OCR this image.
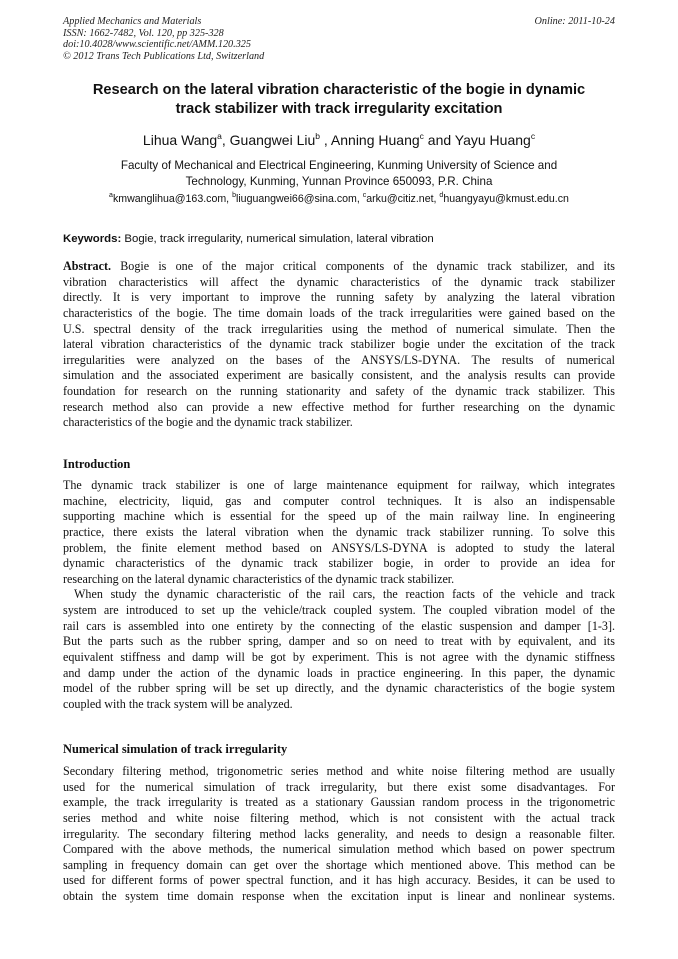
Applied Mechanics and Materials
ISSN: 1662-7482, Vol. 120, pp 325-328
doi:10.4028/www.scientific.net/AMM.120.325
© 2012 Trans Tech Publications Ltd, Switzerland
Online: 2011-10-24
Research on the lateral vibration characteristic of the bogie in dynamic
track stabilizer with track irregularity excitation
Lihua Wang$^a$, Guangwei Liu$^b$ , Anning Huang$^c$ and Yayu Huang$^c$
Faculty of Mechanical and Electrical Engineering, Kunming University of Science and
Technology, Kunming, Yunnan Province 650093, P.R. China
$^a$kmwanglihua@163.com, $^b$liuguangwei66@sina.com, $^c$arku@citiz.net, $^d$huangyayu@kmust.edu.cn
Keywords: Bogie, track irregularity, numerical simulation, lateral vibration
Abstract. Bogie is one of the major critical components of the dynamic track stabilizer, and its
vibration characteristics will affect the dynamic characteristics of the dynamic track stabilizer
directly. It is very important to improve the running safety by analyzing the lateral vibration
characteristics of the bogie. The time domain loads of the track irregularities were gained based on the
U.S. spectral density of the track irregularities using the method of numerical simulate. Then the
lateral vibration characteristics of the dynamic track stabilizer bogie under the excitation of the track
irregularities were analyzed on the bases of the ANSYS/LS-DYNA. The results of numerical
simulation and the associated experiment are basically consistent, and the analysis results can provide
foundation for research on the running stationarity and safety of the dynamic track stabilizer. This
research method also can provide a new effective method for further researching on the dynamic
characteristics of the bogie and the dynamic track stabilizer.
Introduction
The dynamic track stabilizer is one of large maintenance equipment for railway, which integrates
machine, electricity, liquid, gas and computer control techniques. It is also an indispensable
supporting machine which is essential for the speed up of the main railway line. In engineering
practice, there exists the lateral vibration when the dynamic track stabilizer running. To solve this
problem, the finite element method based on ANSYS/LS-DYNA is adopted to study the lateral
dynamic characteristics of the dynamic track stabilizer bogie, in order to provide an idea for
researching on the lateral dynamic characteristics of the dynamic track stabilizer.
When study the dynamic characteristic of the rail cars, the reaction facts of the vehicle and track
system are introduced to set up the vehicle/track coupled system. The coupled vibration model of the
rail cars is assembled into one entirety by the connecting of the elastic suspension and damper [1-3].
But the parts such as the rubber spring, damper and so on need to treat with by equivalent, and its
equivalent stiffness and damp will be got by experiment. This is not agree with the dynamic stiffness
and damp under the action of the dynamic loads in practice engineering. In this paper, the dynamic
model of the rubber spring will be set up directly, and the dynamic characteristics of the bogie system
coupled with the track system will be analyzed.
Numerical simulation of track irregularity
Secondary filtering method, trigonometric series method and white noise filtering method are usually
used for the numerical simulation of track irregularity, but there exist some disadvantages. For
example, the track irregularity is treated as a stationary Gaussian random process in the trigonometric
series method and white noise filtering method, which is not consistent with the actual track
irregularity. The secondary filtering method lacks generality, and needs to design a reasonable filter.
Compared with the above methods, the numerical simulation method which based on power spectrum
sampling in frequency domain can get over the shortage which mentioned above. This method can be
used for different forms of power spectral function, and it has high accuracy. Besides, it can be used to
obtain the system time domain response when the excitation input is linear and nonlinear systems.
